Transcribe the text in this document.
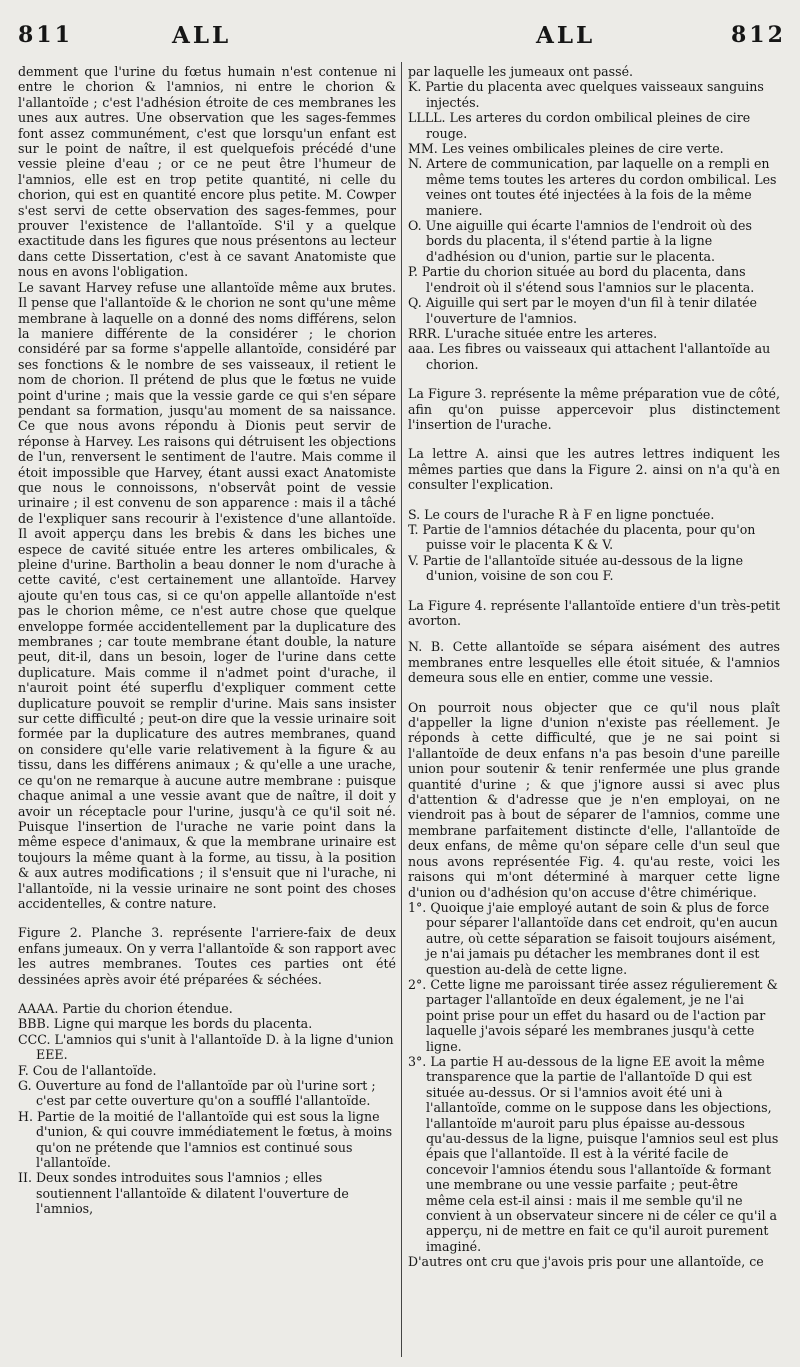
811	ALL	ALL	812

demment que l'urine du fœtus humain n'est contenue ni entre le chorion & l'amnios, ni entre le chorion & l'allantoïde ; c'est l'adhésion étroite de ces membranes les unes aux autres. Une observation que les sages-femmes font assez communément, c'est que lorsqu'un enfant est sur le point de naître, il est quelquefois précédé d'une vessie pleine d'eau ; or ce ne peut être l'humeur de l'amnios, elle est en trop petite quantité, ni celle du chorion, qui est en quantité encore plus petite. M. Cowper s'est servi de cette observation des sages-femmes, pour prouver l'existence de l'allantoïde. S'il y a quelque exactitude dans les figures que nous présentons au lecteur dans cette Dissertation, c'est à ce savant Anatomiste que nous en avons l'obligation.

Le savant Harvey refuse une allantoïde même aux brutes. Il pense que l'allantoïde & le chorion ne sont qu'une même membrane à laquelle on a donné des noms différens, selon la maniere différente de la considérer ; le chorion considéré par sa forme s'appelle allantoïde, considéré par ses fonctions & le nombre de ses vaisseaux, il retient le nom de chorion. Il prétend de plus que le fœtus ne vuide point d'urine ; mais que la vessie garde ce qui s'en sépare pendant sa formation, jusqu'au moment de sa naissance. Ce que nous avons répondu à Dionis peut servir de réponse à Harvey. Les raisons qui détruisent les objections de l'un, renversent le sentiment de l'autre. Mais comme il étoit impossible que Harvey, étant aussi exact Anatomiste que nous le connoissons, n'observât point de vessie urinaire ; il est convenu de son apparence : mais il a tâché de l'expliquer sans recourir à l'existence d'une allantoïde. Il avoit apperçu dans les brebis & dans les biches une espece de cavité située entre les arteres ombilicales, & pleine d'urine. Bartholin a beau donner le nom d'urache à cette cavité, c'est certainement une allantoïde. Harvey ajoute qu'en tous cas, si ce qu'on appelle allantoïde n'est pas le chorion même, ce n'est autre chose que quelque enveloppe formée accidentellement par la duplicature des membranes ; car toute membrane étant double, la nature peut, dit-il, dans un besoin, loger de l'urine dans cette duplicature. Mais comme il n'admet point d'urache, il n'auroit point été superflu d'expliquer comment cette duplicature pouvoit se remplir d'urine. Mais sans insister sur cette difficulté ; peut-on dire que la vessie urinaire soit formée par la duplicature des autres membranes, quand on considere qu'elle varie relativement à la figure & au tissu, dans les différens animaux ; & qu'elle a une urache, ce qu'on ne remarque à aucune autre membrane : puisque chaque animal a une vessie avant que de naître, il doit y avoir un réceptacle pour l'urine, jusqu'à ce qu'il soit né. Puisque l'insertion de l'urache ne varie point dans la même espece d'animaux, & que la membrane urinaire est toujours la même quant à la forme, au tissu, à la position & aux autres modifications ; il s'ensuit que ni l'urache, ni l'allantoïde, ni la vessie urinaire ne sont point des choses accidentelles, & contre nature.

Figure 2. Planche 3. représente l'arriere-faix de deux enfans jumeaux. On y verra l'allantoïde & son rapport avec les autres membranes. Toutes ces parties ont été dessinées après avoir été préparées & séchées.

AAAA. Partie du chorion étendue.

BBB. Ligne qui marque les bords du placenta.

CCC. L'amnios qui s'unit à l'allantoïde D. à la ligne d'union EEE.

F. Cou de l'allantoïde.

G. Ouverture au fond de l'allantoïde par où l'urine sort ; c'est par cette ouverture qu'on a soufflé l'allantoïde.

H. Partie de la moitié de l'allantoïde qui est sous la ligne d'union, & qui couvre immédiatement le fœtus, à moins qu'on ne prétende que l'amnios est continué sous l'allantoïde.

II. Deux sondes introduites sous l'amnios ; elles soutiennent l'allantoïde & dilatent l'ouverture de l'amnios,

par laquelle les jumeaux ont passé.

K. Partie du placenta avec quelques vaisseaux sanguins injectés.

LLLL. Les arteres du cordon ombilical pleines de cire rouge.

MM. Les veines ombilicales pleines de cire verte.

N. Artere de communication, par laquelle on a rempli en même tems toutes les arteres du cordon ombilical. Les veines ont toutes été injectées à la fois de la même maniere.

O. Une aiguille qui écarte l'amnios de l'endroit où des bords du placenta, il s'étend partie à la ligne d'adhésion ou d'union, partie sur le placenta.

P. Partie du chorion située au bord du placenta, dans l'endroit où il s'étend sous l'amnios sur le placenta.

Q. Aiguille qui sert par le moyen d'un fil à tenir dilatée l'ouverture de l'amnios.

RRR. L'urache située entre les arteres.

aaa. Les fibres ou vaisseaux qui attachent l'allantoïde au chorion.

La Figure 3. représente la même préparation vue de côté, afin qu'on puisse appercevoir plus distinctement l'insertion de l'urache.

La lettre A. ainsi que les autres lettres indiquent les mêmes parties que dans la Figure 2. ainsi on n'a qu'à en consulter l'explication.

S. Le cours de l'urache R à F en ligne ponctuée.

T. Partie de l'amnios détachée du placenta, pour qu'on puisse voir le placenta K & V.

V. Partie de l'allantoïde située au-dessous de la ligne d'union, voisine de son cou F.

La Figure 4. représente l'allantoïde entiere d'un très-petit avorton.

N. B. Cette allantoïde se sépara aisément des autres membranes entre lesquelles elle étoit située, & l'amnios demeura sous elle en entier, comme une vessie.

On pourroit nous objecter que ce qu'il nous plaît d'appeller la ligne d'union n'existe pas réellement. Je réponds à cette difficulté, que je ne sai point si l'allantoïde de deux enfans n'a pas besoin d'une pareille union pour soutenir & tenir renfermée une plus grande quantité d'urine ; & que j'ignore aussi si avec plus d'attention & d'adresse que je n'en employai, on ne viendroit pas à bout de séparer de l'amnios, comme une membrane parfaitement distincte d'elle, l'allantoïde de deux enfans, de même qu'on sépare celle d'un seul que nous avons représentée Fig. 4. qu'au reste, voici les raisons qui m'ont déterminé à marquer cette ligne d'union ou d'adhésion qu'on accuse d'être chimérique.

1°. Quoique j'aie employé autant de soin & plus de force pour séparer l'allantoïde dans cet endroit, qu'en aucun autre, où cette séparation se faisoit toujours aisément, je n'ai jamais pu détacher les membranes dont il est question au-delà de cette ligne.

2°. Cette ligne me paroissant tirée assez régulierement & partager l'allantoïde en deux également, je ne l'ai point prise pour un effet du hasard ou de l'action par laquelle j'avois séparé les membranes jusqu'à cette ligne.

3°. La partie H au-dessous de la ligne EE avoit la même transparence que la partie de l'allantoïde D qui est située au-dessus. Or si l'amnios avoit été uni à l'allantoïde, comme on le suppose dans les objections, l'allantoïde m'auroit paru plus épaisse au-dessous qu'au-dessus de la ligne, puisque l'amnios seul est plus épais que l'allantoïde. Il est à la vérité facile de concevoir l'amnios étendu sous l'allantoïde & formant une membrane ou une vessie parfaite ; peut-être même cela est-il ainsi : mais il me semble qu'il ne convient à un observateur sincere ni de céler ce qu'il a apperçu, ni de mettre en fait ce qu'il auroit purement imaginé.

D'autres ont cru que j'avois pris pour une allantoïde, ce
